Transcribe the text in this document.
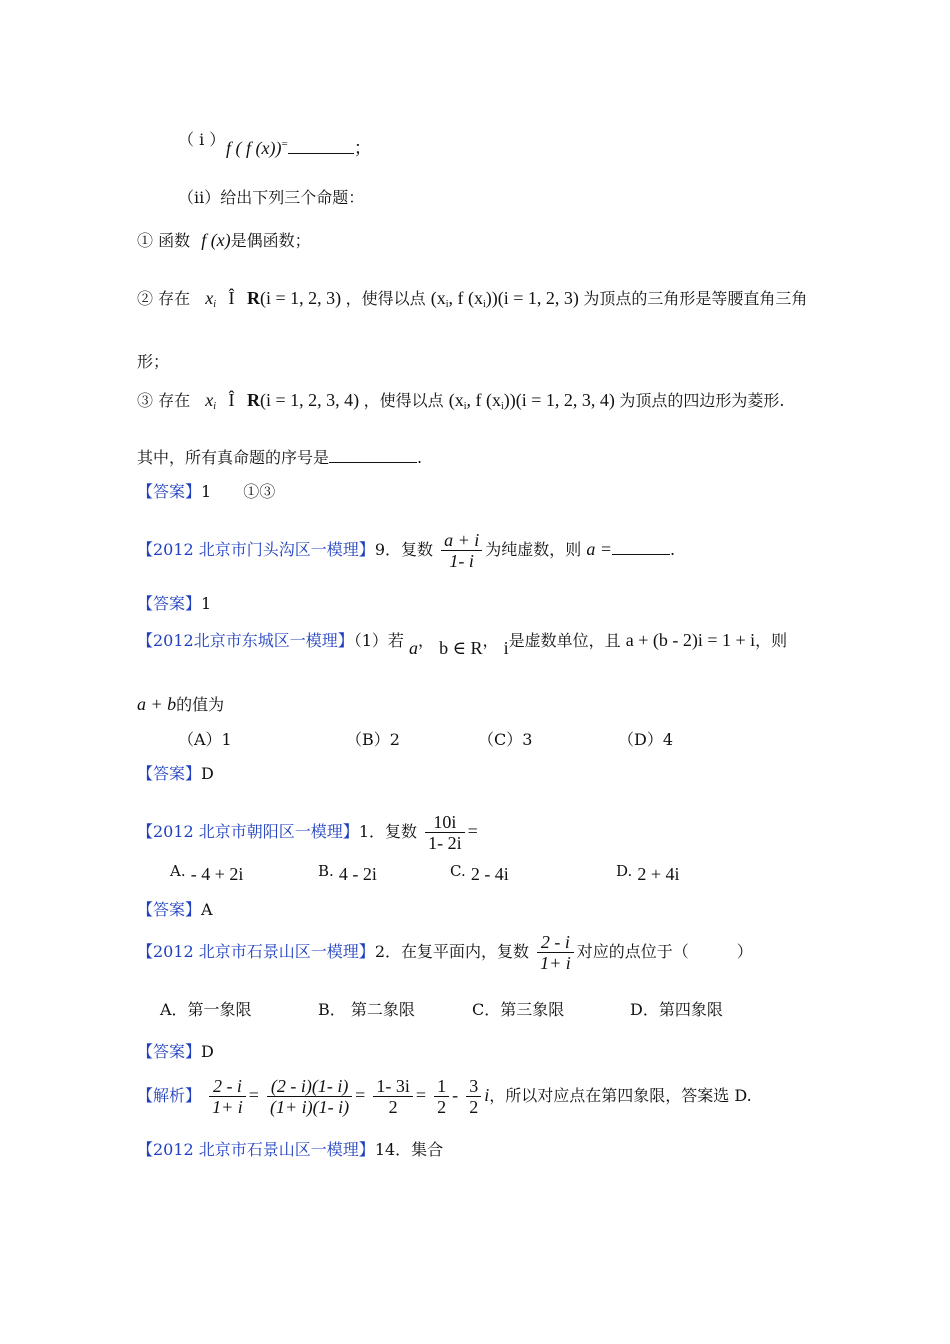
（ i ） f ( f (x))=	；
（ii）给出下列三个命题：
① 函数 f (x)是偶函数；
② 存在 $x_i$ Î R(i = 1, 2, 3) ，使得以点 ($x_i$, f $(x_i))(i = 1$, 2, 3) 为顶点的三角形是等腰直角三角
形；
③ 存在 $x_i$ Î R(i = 1, 2, 3, 4) ，使得以点 ($x_i$, f $(x_i))(i = 1$, 2, 3, 4) 为顶点的四边形为菱形.
其中，所有真命题的序号是	.
【答案】1　　①③
【2012 北京市门头沟区一模理】9．复数 $\frac{a + i}{1- i}$ 为纯虚数，则 a =	.
【答案】1
【2012北京市东城区一模理】（1）若 a， b ∈ R， i是虚数单位，且 a + (b - 2)i = 1 + i，则
a + b的值为
（A）1	（B）2	（C）3	（D）4
【答案】D
【2012 北京市朝阳区一模理】1．复数 $\frac{10i}{1- 2i}$ =
A. - 4 + 2i	B. 4 - 2i	C. 2 - 4i	D. 2 + 4i
【答案】A
【2012 北京市石景山区一模理】2．在复平面内，复数 $\frac{2 - i}{1+ i}$ 对应的点位于（　　　）
A．第一象限	B． 第二象限	C．第三象限	D．第四象限
【答案】D
【解析】 $\frac{2 - i}{1+ i} = \frac{(2 - i)(1- i)}{(1+ i)(1- i)} = \frac{1- 3i}{2} = \frac{1}{2} - \frac{3}{2}$ i，所以对应点在第四象限，答案选 D.
【2012 北京市石景山区一模理】14．集合
